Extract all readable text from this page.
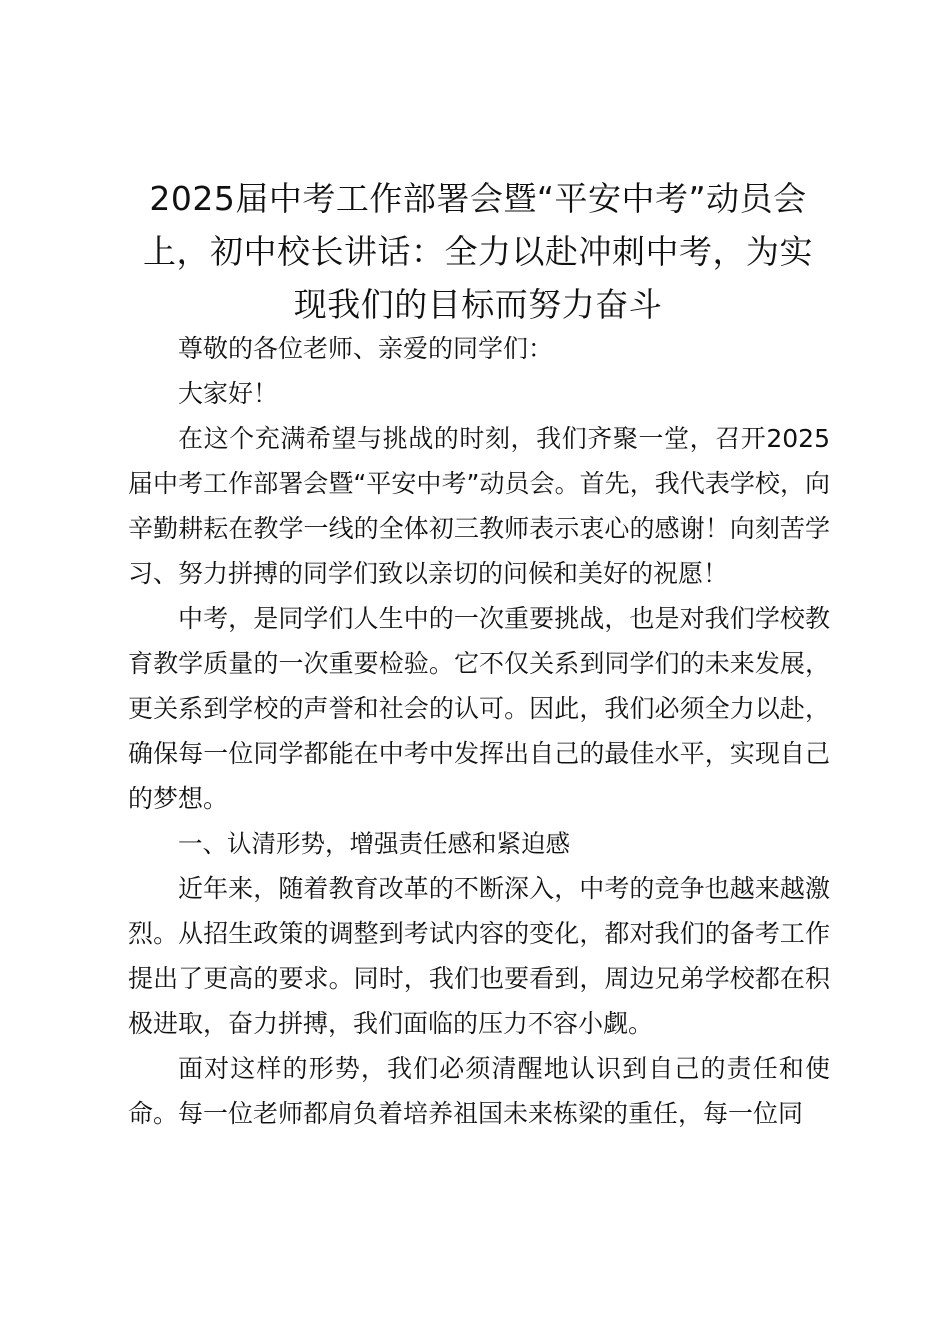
2025届中考工作部署会暨“平安中考”动员会上，初中校长讲话：全力以赴冲刺中考，为实现我们的目标而努力奋斗

尊敬的各位老师、亲爱的同学们：

大家好！

在这个充满希望与挑战的时刻，我们齐聚一堂，召开2025届中考工作部署会暨“平安中考”动员会。首先，我代表学校，向辛勤耕耘在教学一线的全体初三教师表示衷心的感谢！向刻苦学习、努力拼搏的同学们致以亲切的问候和美好的祝愿！

中考，是同学们人生中的一次重要挑战，也是对我们学校教育教学质量的一次重要检验。它不仅关系到同学们的未来发展，更关系到学校的声誉和社会的认可。因此，我们必须全力以赴，确保每一位同学都能在中考中发挥出自己的最佳水平，实现自己的梦想。

一、认清形势，增强责任感和紧迫感

近年来，随着教育改革的不断深入，中考的竞争也越来越激烈。从招生政策的调整到考试内容的变化，都对我们的备考工作提出了更高的要求。同时，我们也要看到，周边兄弟学校都在积极进取，奋力拼搏，我们面临的压力不容小觑。

面对这样的形势，我们必须清醒地认识到自己的责任和使命。每一位老师都肩负着培养祖国未来栋梁的重任，每一位同
